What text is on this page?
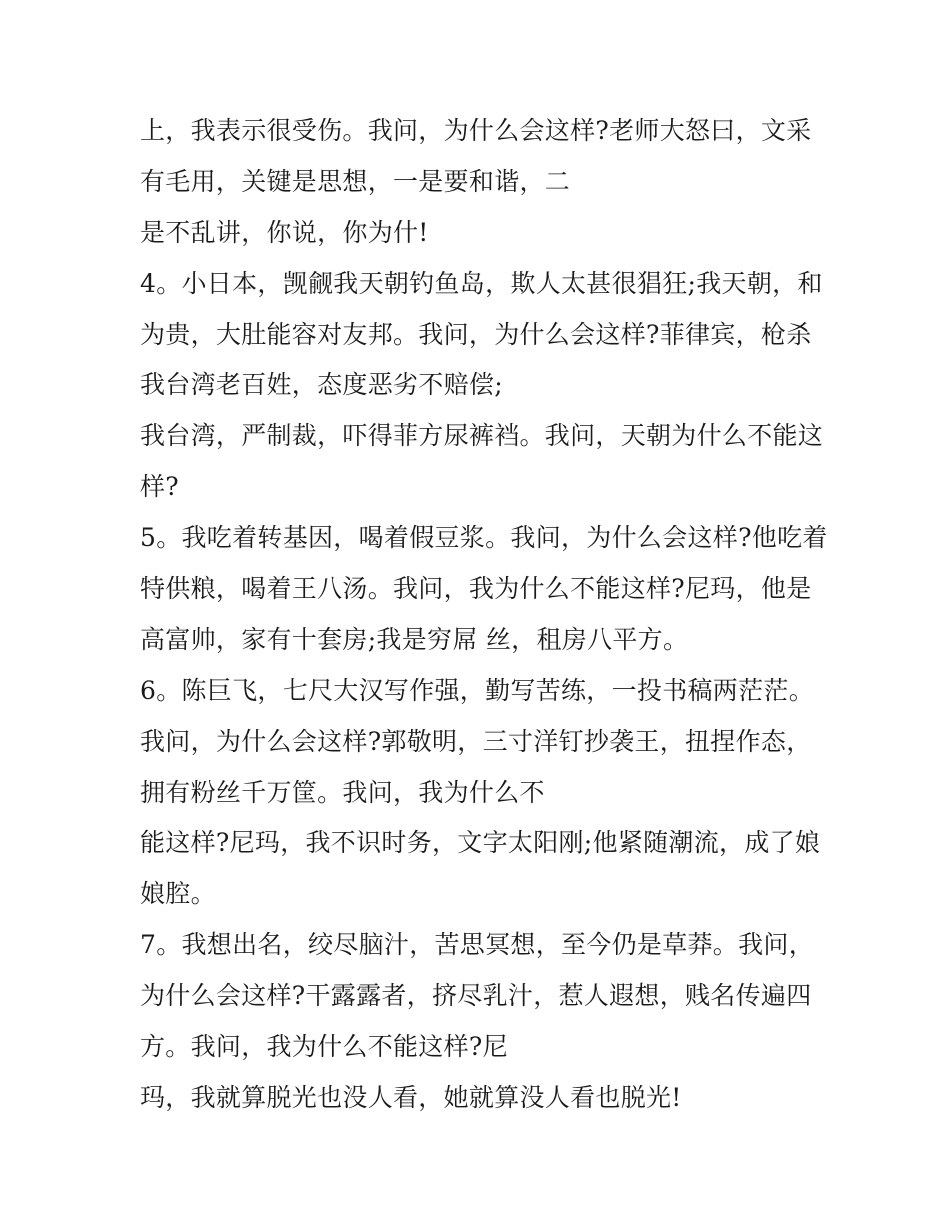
上，我表示很受伤。我问，为什么会这样?老师大怒曰，文采
有毛用，关键是思想，一是要和谐，二
是不乱讲，你说，你为什!
4。小日本，觊觎我天朝钓鱼岛，欺人太甚很猖狂;我天朝，和
为贵，大肚能容对友邦。我问，为什么会这样?菲律宾，枪杀
我台湾老百姓，态度恶劣不赔偿;
我台湾，严制裁，吓得菲方尿裤裆。我问，天朝为什么不能这
样?
5。我吃着转基因，喝着假豆浆。我问，为什么会这样?他吃着
特供粮，喝着王八汤。我问，我为什么不能这样?尼玛，他是
高富帅，家有十套房;我是穷屌 丝，租房八平方。
6。陈巨飞，七尺大汉写作强，勤写苦练，一投书稿两茫茫。
我问，为什么会这样?郭敬明，三寸洋钉抄袭王，扭捏作态，
拥有粉丝千万筐。我问，我为什么不
能这样?尼玛，我不识时务，文字太阳刚;他紧随潮流，成了娘
娘腔。
7。我想出名，绞尽脑汁，苦思冥想，至今仍是草莽。我问，
为什么会这样?干露露者，挤尽乳汁，惹人遐想，贱名传遍四
方。我问，我为什么不能这样?尼
玛，我就算脱光也没人看，她就算没人看也脱光!
